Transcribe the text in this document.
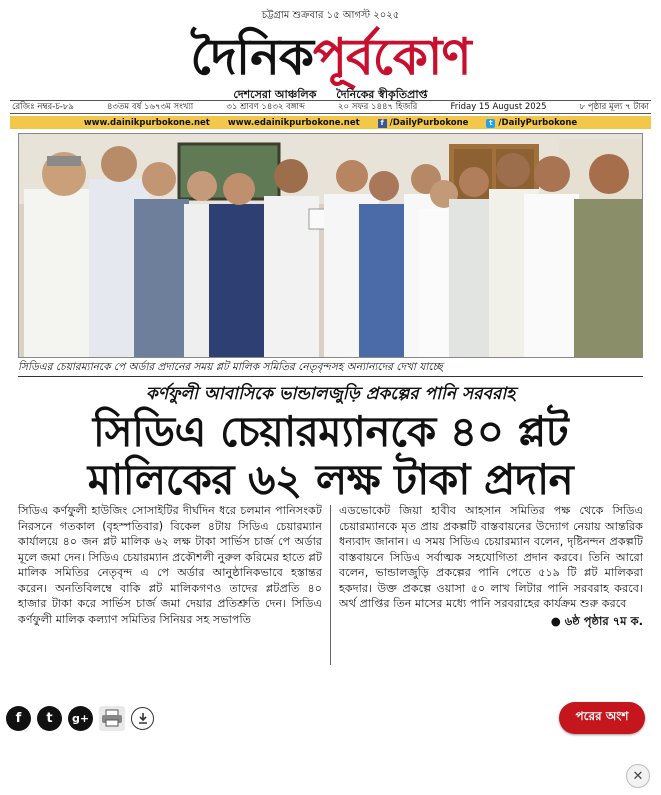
চট্টগ্রাম শুক্রবার ১৫ আগস্ট ২০২৫
দৈনিকপূর্বকোণ
দেশসেরা আঞ্চলিক দৈনিকের স্বীকৃতিপ্রাপ্ত
রেজিঃ নম্বর-চ-৮৯	৪৩তম বর্ষ ১৬৭৩ম সংখ্যা	৩১ শ্রাবণ ১৪৩২ বঙ্গাব্দ	২০ সফর ১৪৪৭ হিজরি	Friday 15 August 2025	৮ পৃষ্ঠার মূল্য ৭ টাকা
www.dainikpurbokone.net www.edainikpurbokone.net	f /DailyPurbokone	t /DailyPurbokone
সিডিএর চেয়ারম্যানকে পে অর্ডার প্রদানের সময় প্লট মালিক সমিতির নেতৃবৃন্দসহ অন্যান্যদের দেখা যাচ্ছে
কর্ণফুলী আবাসিকে ভান্ডালজুড়ি প্রকল্পের পানি সরবরাহ
সিডিএ চেয়ারম্যানকে ৪০ প্লট
মালিকের ৬২ লক্ষ টাকা প্রদান
সিডিএ কর্ণফুলী হাউজিং সোসাইটির দীর্ঘদিন ধরে চলমান পানিসংকট নিরসনে গতকাল (বৃহস্পতিবার) বিকেল ৪টায় সিডিএ চেয়ারম্যান কার্যালয়ে ৪০ জন প্লট মালিক ৬২ লক্ষ টাকা সার্ভিস চার্জ পে অর্ডার মূলে জমা দেন। সিডিএ চেয়ারম্যান প্রকৌশলী নুরুল করিমের হাতে প্লট মালিক সমিতির নেতৃবৃন্দ এ পে অর্ডার আনুষ্ঠানিকভাবে হস্তান্তর করেন। অনতিবিলম্বে বাকি প্লট মালিকগণও তাদের প্লটপ্রতি ৪০ হাজার টাকা করে সার্ভিস চার্জ জমা দেয়ার প্রতিশ্রুতি দেন। সিডিএ কর্ণফুলী মালিক কল্যাণ সমিতির সিনিয়র সহ সভাপতি
এডভোকেট জিয়া হাবীব আহসান সমিতির পক্ষ থেকে সিডিএ চেয়ারম্যানকে মৃত প্রায় প্রকল্পটি বাস্তবায়নের উদ্যোগ নেয়ায় আন্তরিক ধন্যবাদ জানান। এ সময় সিডিএ চেয়ারম্যান বলেন, দৃষ্টিনন্দন প্রকল্পটি বাস্তবায়নে সিডিএ সর্বাত্মক সহযোগিতা প্রদান করবে। তিনি আরো বলেন, ভান্ডালজুড়ি প্রকল্পের পানি পেতে ৫১৯ টি প্লট মালিকরা হকদার। উক্ত প্রকল্পে ওয়াসা ৫০ লাখ লিটার পানি সরবরাহ করবে। অর্থ প্রাপ্তির তিন মাসের মধ্যে পানি সরবরাহের কার্যক্রম শুরু করবে
● ৬ষ্ঠ পৃষ্ঠার ৭ম ক.
f	t	g+	পরের অংশ
✕
